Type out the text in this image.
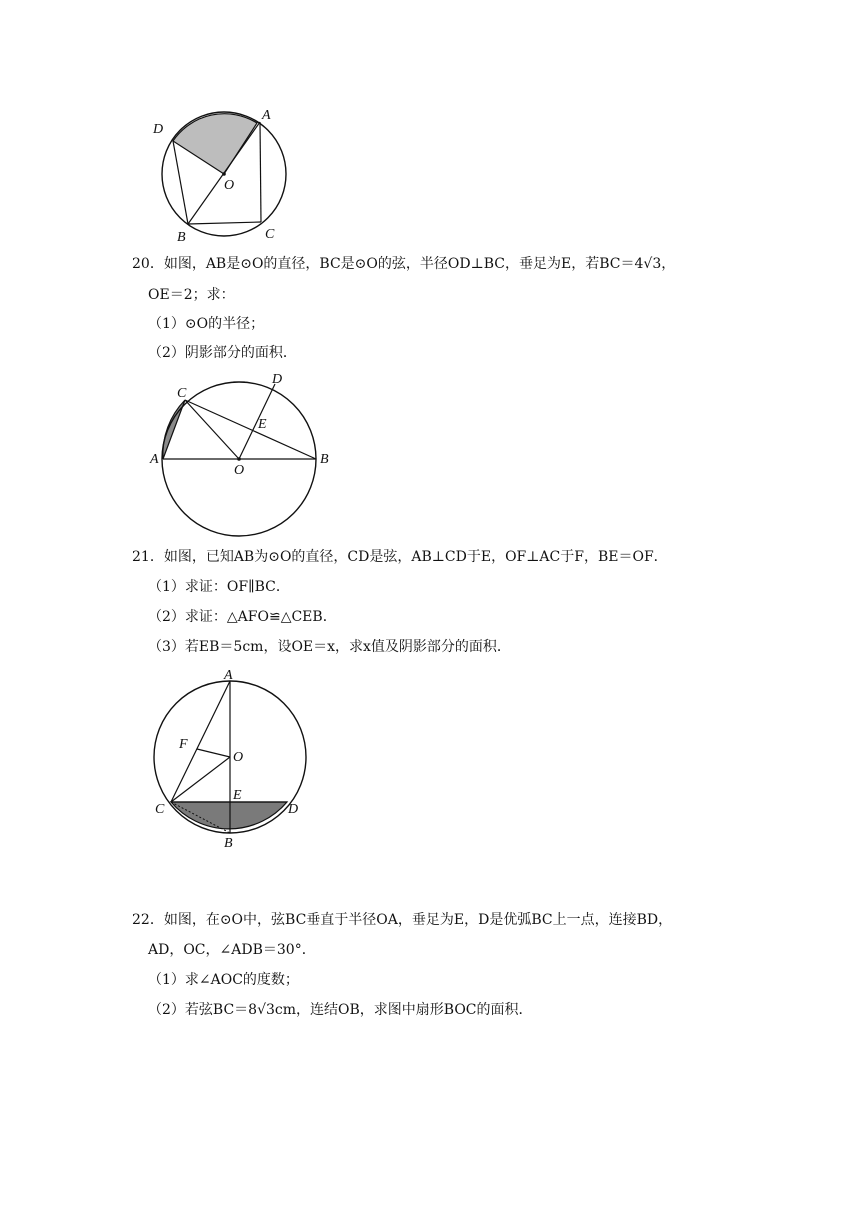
D
A
O
B	C
20．如图，AB是⊙O的直径，BC是⊙O的弦，半径OD⊥BC，垂足为E，若BC＝4√3，
OE＝2；求：
（1）⊙O的半径；
（2）阴影部分的面积．
C
D
E
A
O
B
21．如图，已知AB为⊙O的直径，CD是弦，AB⊥CD于E，OF⊥AC于F，BE＝OF．
（1）求证：OF∥BC．
（2）求证：△AFO≌△CEB．
（3）若EB＝5cm，设OE＝x，求x值及阴影部分的面积．
A
F
O
E
C	D
B
22．如图，在⊙O中，弦BC垂直于半径OA，垂足为E，D是优弧BC上一点，连接BD，
AD，OC，∠ADB＝30°．
（1）求∠AOC的度数；
（2）若弦BC＝8√3cm，连结OB，求图中扇形BOC的面积．
